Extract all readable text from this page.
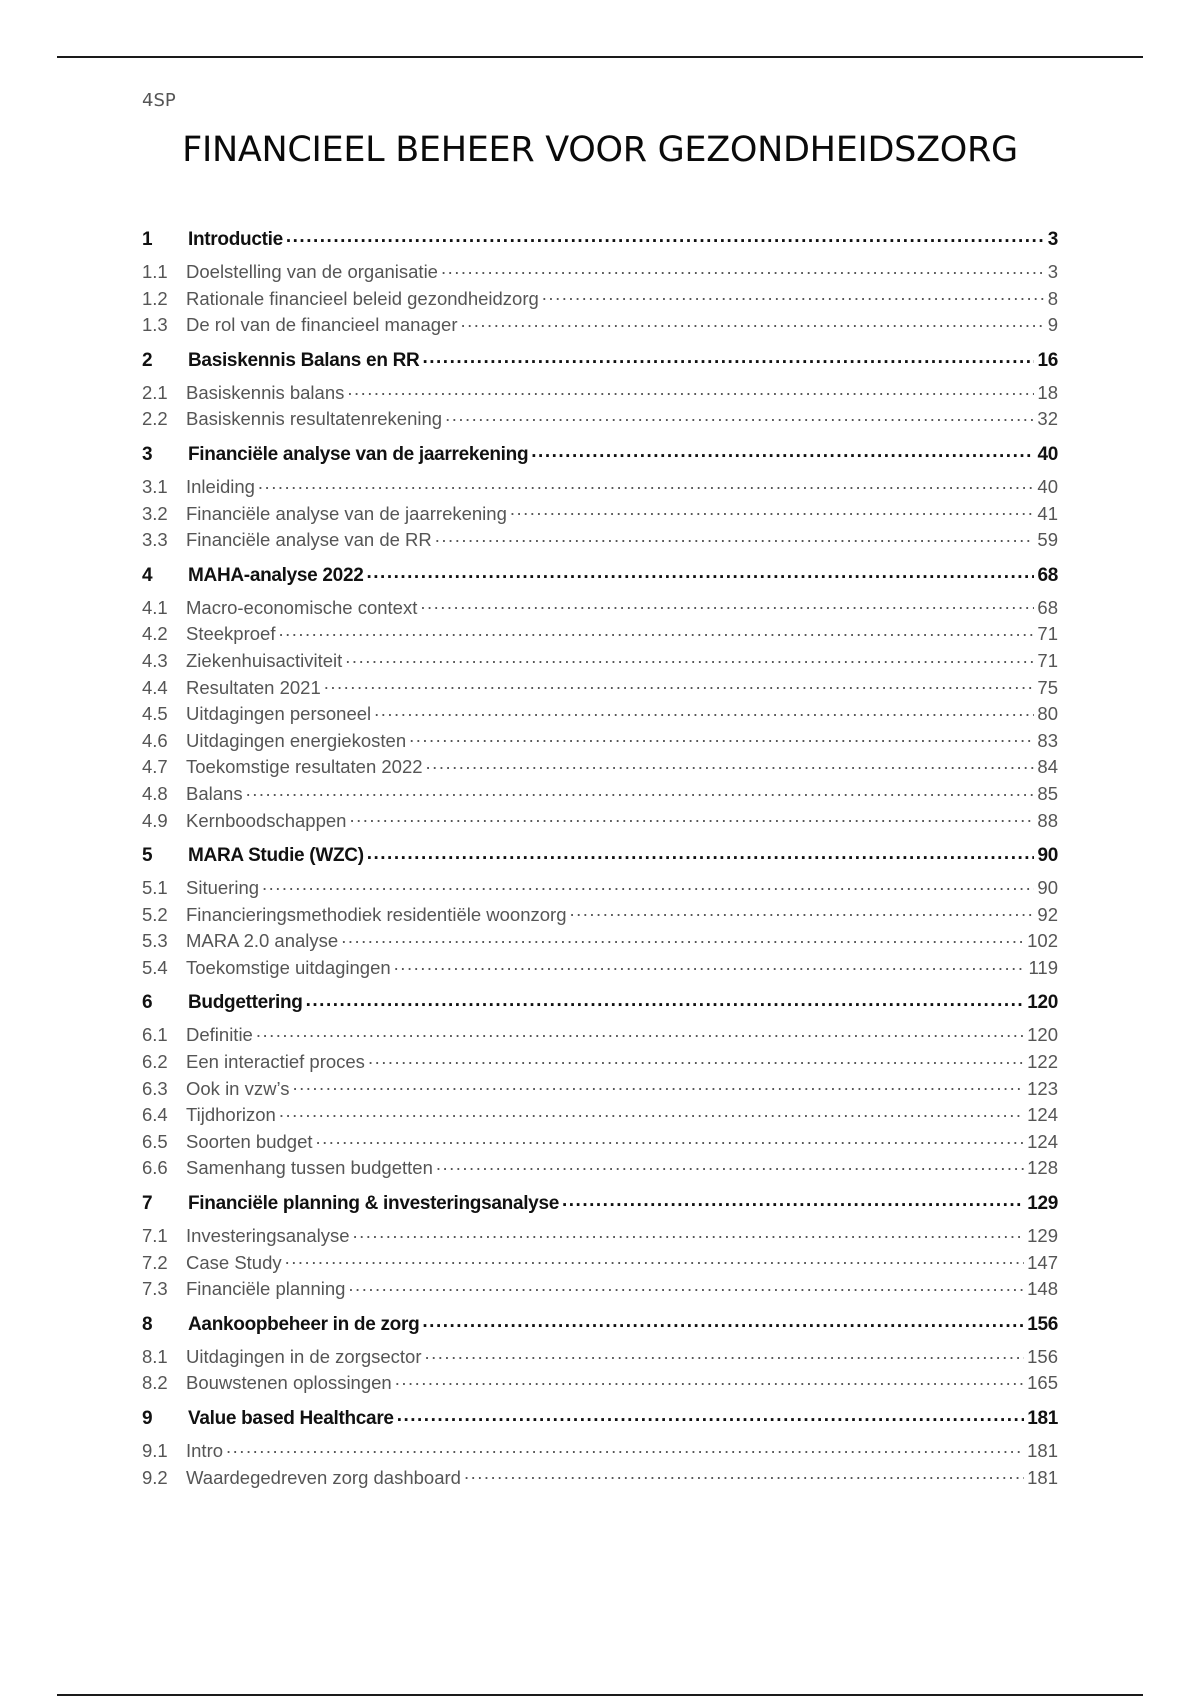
4SP
FINANCIEEL BEHEER VOOR GEZONDHEIDSZORG
1	Introductie .....	3
1.1 Doelstelling van de organisatie .....	3
1.2 Rationale financieel beleid gezondheidzorg .....	8
1.3 De rol van de financieel manager .....	9
2	Basiskennis Balans en RR .....	16
2.1 Basiskennis balans .....	18
2.2 Basiskennis resultatenrekening .....	32
3	Financiële analyse van de jaarrekening .....	40
3.1 Inleiding .....	40
3.2 Financiële analyse van de jaarrekening .....	41
3.3 Financiële analyse van de RR .....	59
4	MAHA-analyse 2022 .....	68
4.1 Macro-economische context .....	68
4.2 Steekproef .....	71
4.3 Ziekenhuisactiviteit .....	71
4.4 Resultaten 2021 .....	75
4.5 Uitdagingen personeel .....	80
4.6 Uitdagingen energiekosten .....	83
4.7 Toekomstige resultaten 2022 .....	84
4.8 Balans .....	85
4.9 Kernboodschappen .....	88
5	MARA Studie (WZC) .....	90
5.1 Situering .....	90
5.2 Financieringsmethodiek residentiële woonzorg .....	92
5.3 MARA 2.0 analyse .....	102
5.4 Toekomstige uitdagingen .....	119
6	Budgettering .....	120
6.1 Definitie .....	120
6.2 Een interactief proces .....	122
6.3 Ook in vzw’s .....	123
6.4 Tijdhorizon .....	124
6.5 Soorten budget .....	124
6.6 Samenhang tussen budgetten .....	128
7	Financiële planning & investeringsanalyse .....	129
7.1 Investeringsanalyse .....	129
7.2 Case Study .....	147
7.3 Financiële planning .....	148
8	Aankoopbeheer in de zorg .....	156
8.1 Uitdagingen in de zorgsector .....	156
8.2 Bouwstenen oplossingen .....	165
9	Value based Healthcare .....	181
9.1 Intro .....	181
9.2 Waardegedreven zorg dashboard .....	181
